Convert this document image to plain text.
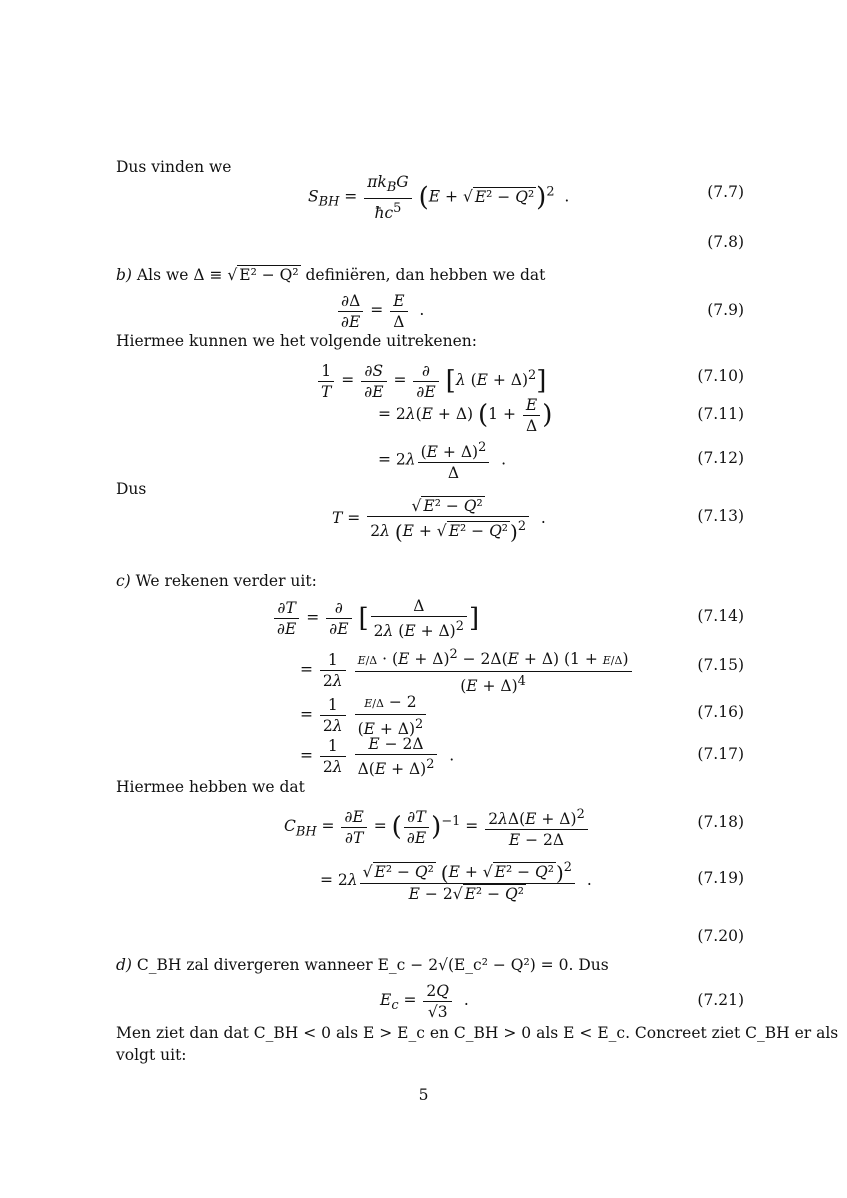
Dus vinden we
$S_{BH} = \frac{\pi k_BG}{ħc^5} (E$ + √ E² − Q²)$^2$  .	(7.7)
(7.8)
b) Als we Δ ≡ √ E² − Q² definiëren, dan hebben we dat
$\frac{\partial\Delta}{\partial E} = \frac{E}{\Delta}$ .	(7.9)
Hiermee kunnen we het volgende uitrekenen:
$\frac{1}{T} = \frac{\partial S}{\partial E} = \frac{\partial}{\partial E} [\lambda$ $(E + \Delta)^2$]	(7.10)
= 2λ(E + Δ) ($1 + \frac{E}{\Delta}$ )	(7.11)
= $2\lambda \frac{(E + \Delta)^2}{\Delta}$ .	(7.12)
Dus
$T = \frac{\text{√ E² − Q²}}{2\lambda (E + √ E^2 - Q^2 )^2}$ .	(7.13)
c) We rekenen verder uit:
$\frac{\partial T}{\partial E} = \frac{\partial}{\partial E}$ [ $\frac{\Delta}{2\lambda (E + \Delta)^2}$ ]	(7.14)
= $\frac{1}{2\lambda}$
$\frac{E/\Delta \cdot (E + \Delta)^2 - 2\Delta(E + \Delta) (1 + E/\Delta)}{(E + \Delta)^4}$	(7.15)
= $\frac{1}{2\lambda}$
$\frac{E/\Delta - 2}{(E + \Delta)^2}$	(7.16)
= $\frac{1}{2\lambda}$
$\frac{E - 2\Delta}{\Delta(E + \Delta)^2}$ .	(7.17)
Hiermee hebben we dat
$C_{BH} = \frac{\partial E}{\partial T}$ = ( $\frac{\partial T}{\partial E} )^{-1} = \frac{2\lambda\Delta(E + \Delta)^2}{E - 2\Delta}$	(7.18)
= $2\lambda \frac{√ E^2 - Q^2 (E + √ E^2 - Q^2 )^2}{\text{E − 2√ E² − Q²}}$ .	(7.19)
(7.20)
d) C_BH zal divergeren wanneer E_c − 2√(E_c² − Q²) = 0. Dus
$E_c = \frac{2Q}{√3}$ .	(7.21)
Men ziet dan dat C_BH < 0 als E > E_c en C_BH > 0 als E < E_c. Concreet ziet C_BH er als
volgt uit:
5
